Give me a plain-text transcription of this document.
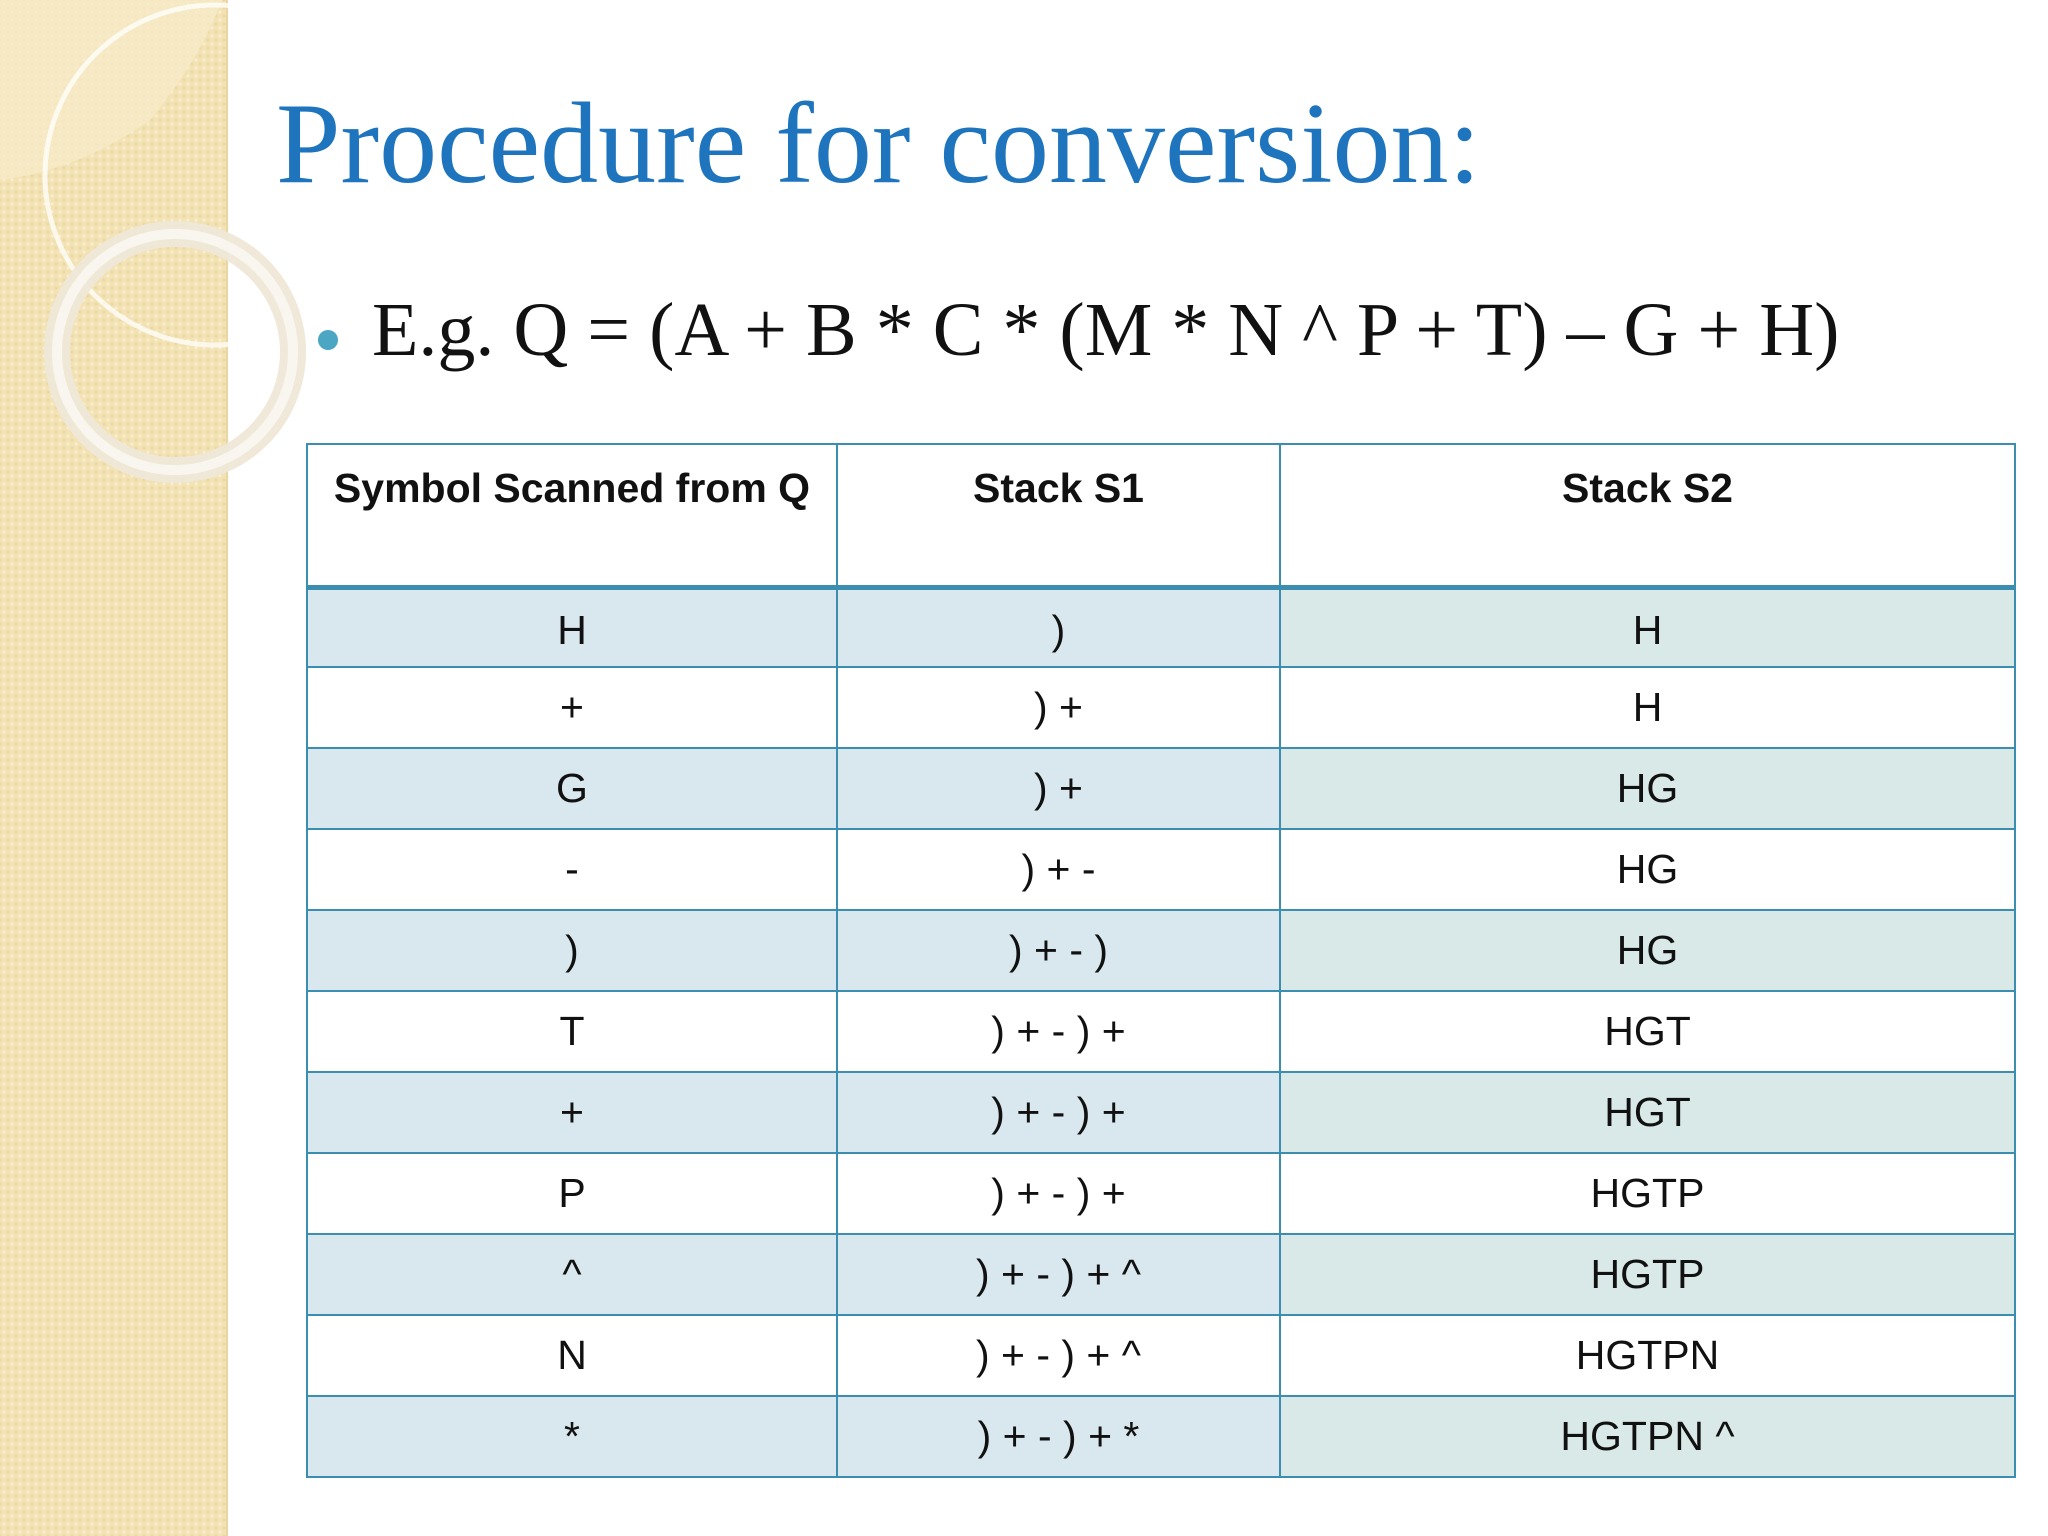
Procedure for conversion:

E.g. Q = (A + B * C * (M * N ^ P + T) – G + H)

Symbol Scanned from Q	Stack S1	Stack S2
H	)	H
+	) +	H
G	) +	HG
-	) + -	HG
)	) + - )	HG
T	) + - ) +	HGT
+	) + - ) +	HGT
P	) + - ) +	HGTP
^	) + - ) + ^	HGTP
N	) + - ) + ^	HGTPN
*	) + - ) + *	HGTPN ^
